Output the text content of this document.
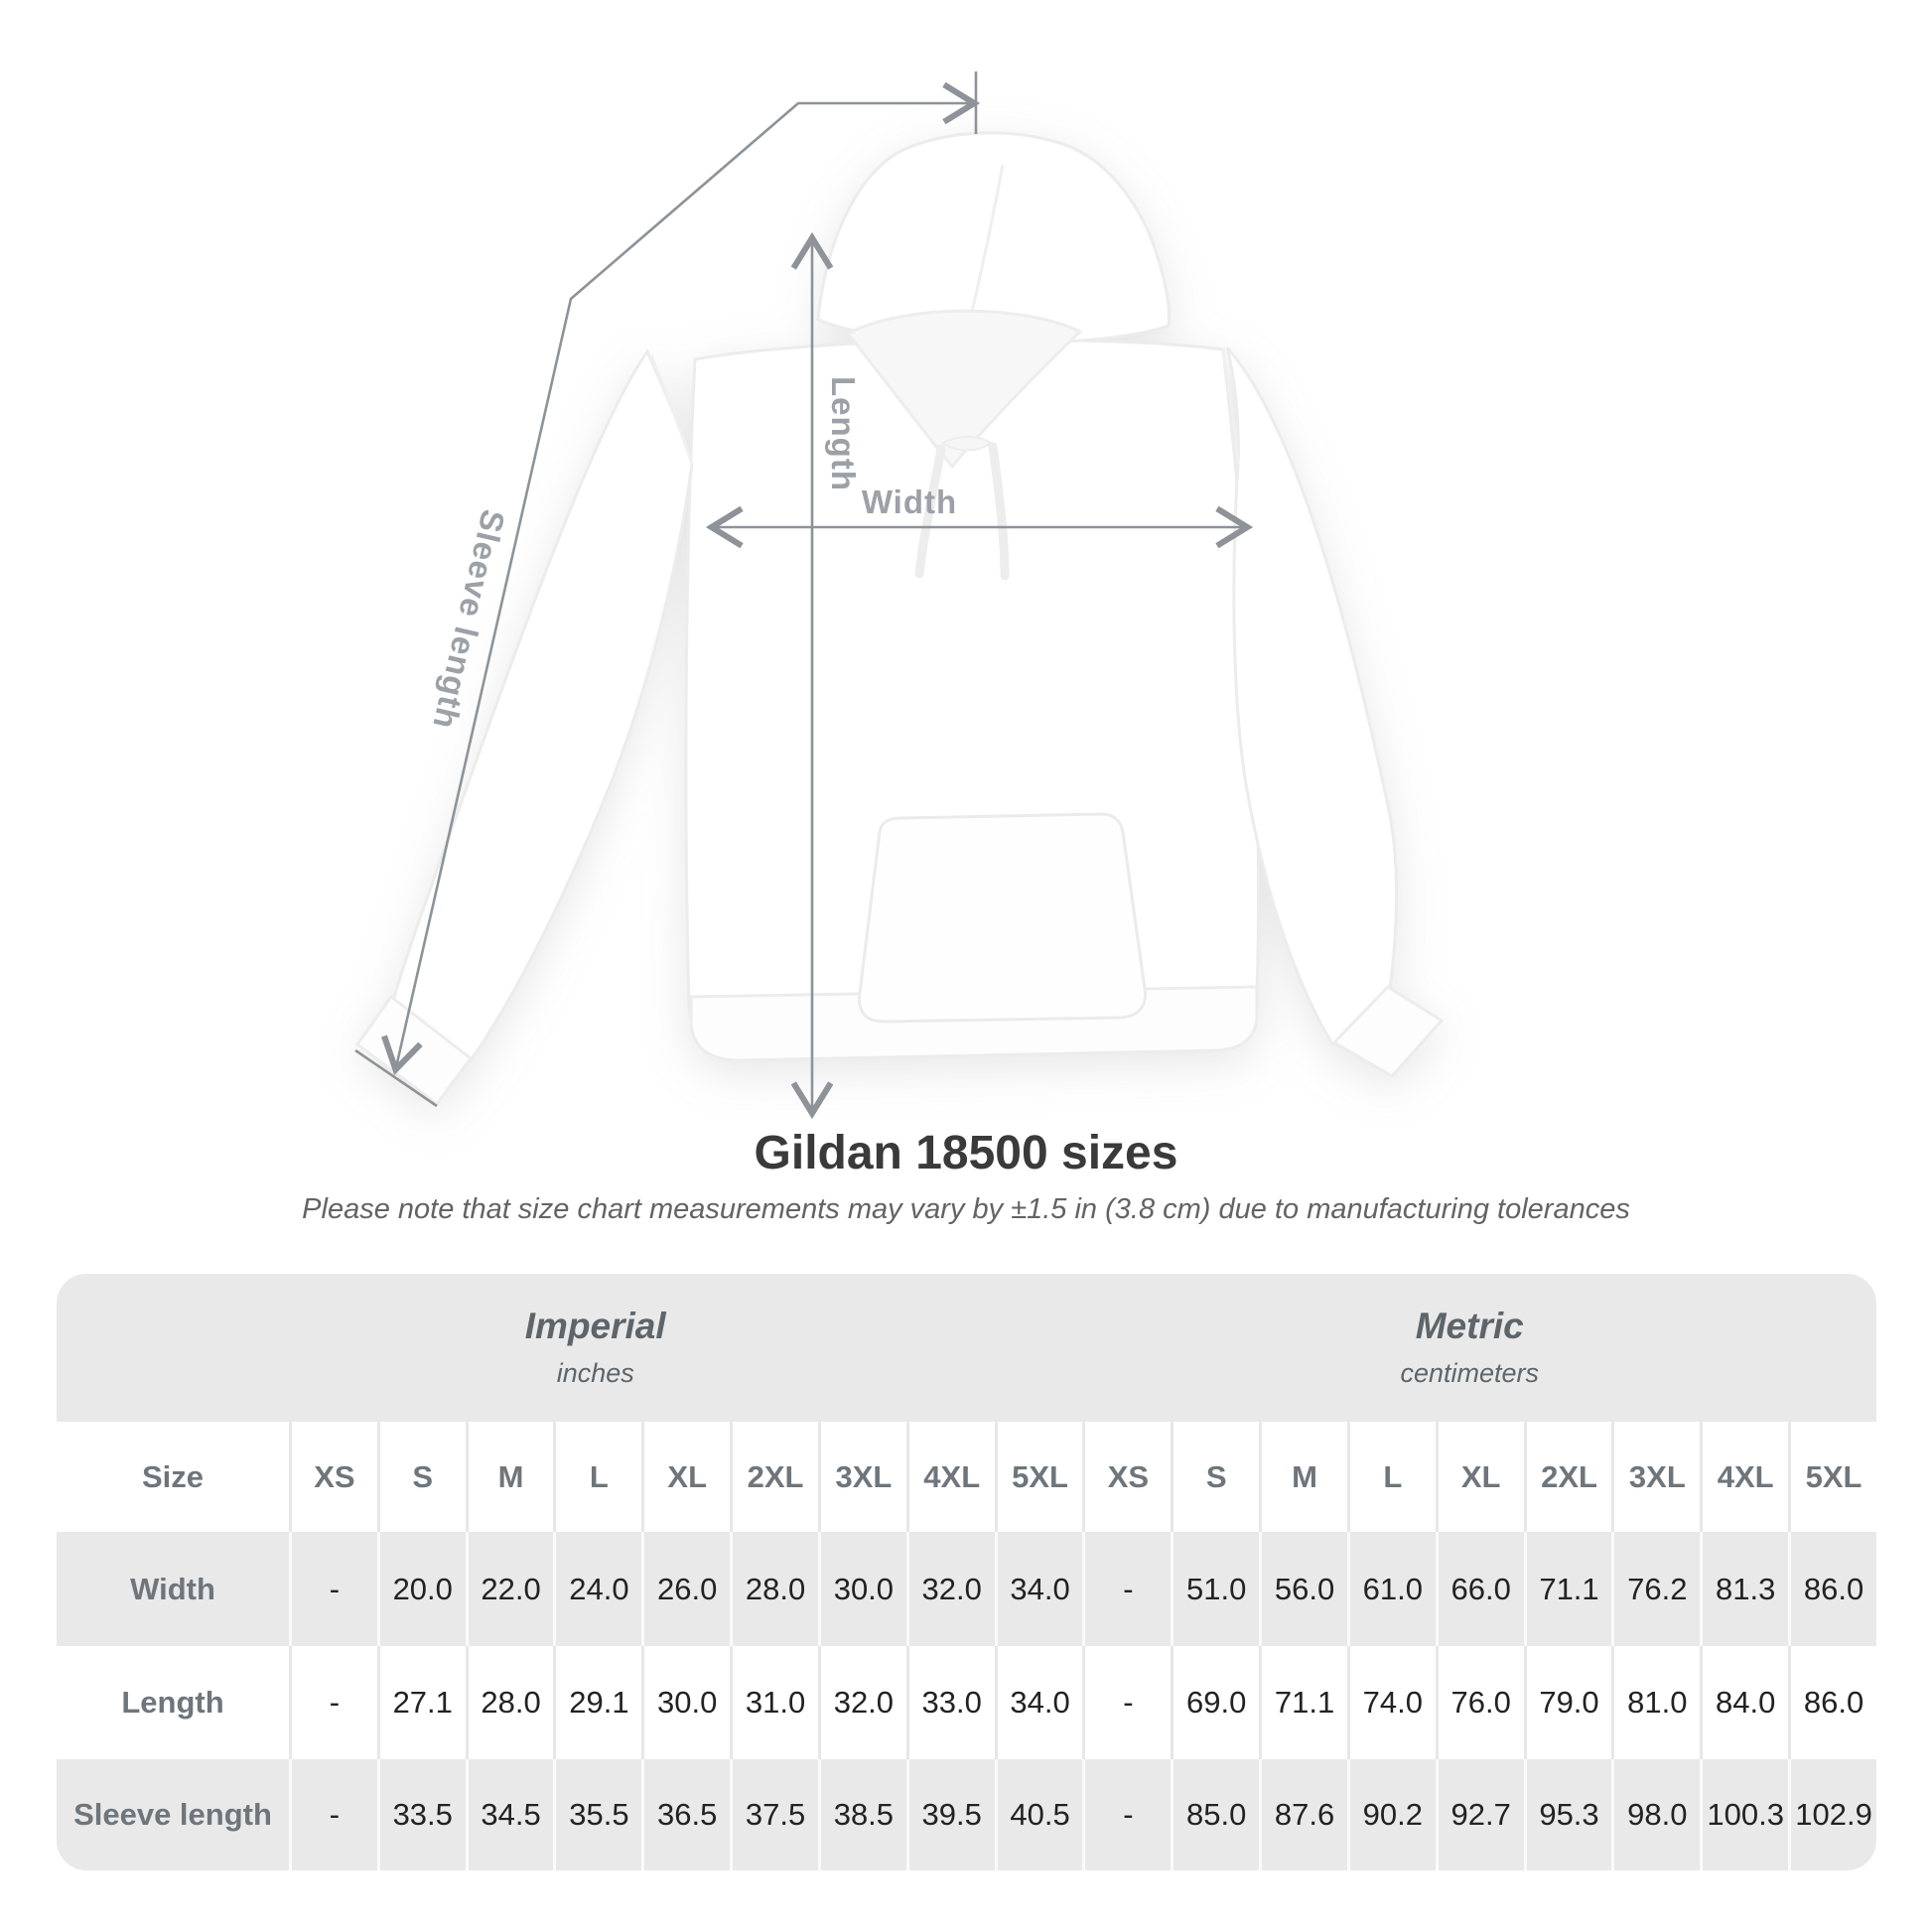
Width
Length
Sleeve length
Gildan 18500 sizes
Please note that size chart measurements may vary by ±1.5 in (3.8 cm) due to manufacturing tolerances
Imperial
inches

Metric
centimeters

Size	XS	S	M	L	XL	2XL	3XL	4XL	5XL	XS	S	M	L	XL	2XL	3XL	4XL	5XL
Width	-	20.0	22.0	24.0	26.0	28.0	30.0	32.0	34.0	-	51.0	56.0	61.0	66.0	71.1	76.2	81.3	86.0
Length	-	27.1	28.0	29.1	30.0	31.0	32.0	33.0	34.0	-	69.0	71.1	74.0	76.0	79.0	81.0	84.0	86.0
Sleeve length	-	33.5	34.5	35.5	36.5	37.5	38.5	39.5	40.5	-	85.0	87.6	90.2	92.7	95.3	98.0	100.3	102.9
